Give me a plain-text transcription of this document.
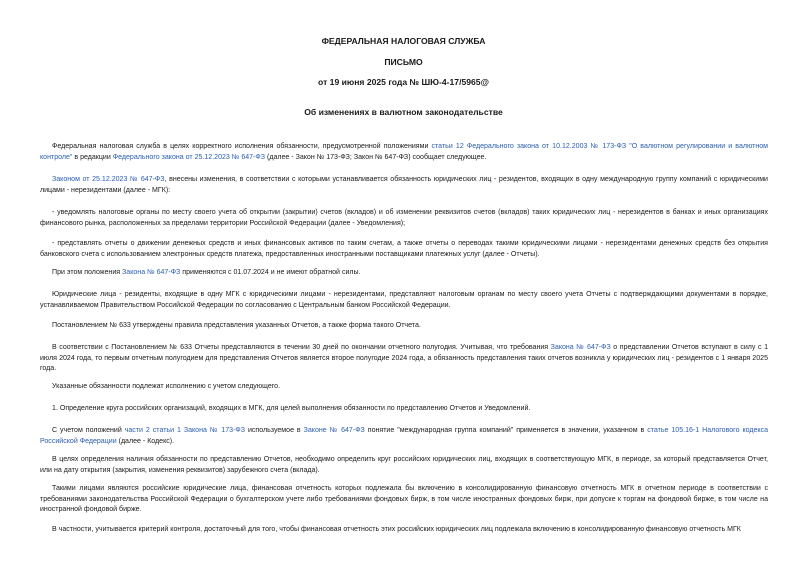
ФЕДЕРАЛЬНАЯ НАЛОГОВАЯ СЛУЖБА
ПИСЬМО
от 19 июня 2025 года № ШЮ-4-17/5965@
Об изменениях в валютном законодательстве

Федеральная налоговая служба в целях корректного исполнения обязанности, предусмотренной положениями статьи 12 Федерального закона от 10.12.2003 № 173-ФЗ "О валютном регулировании и валютном контроле" в редакции Федерального закона от 25.12.2023 № 647-ФЗ (далее - Закон № 173-ФЗ; Закон № 647-ФЗ) сообщает следующее.

Законом от 25.12.2023 № 647-ФЗ, внесены изменения, в соответствии с которыми устанавливается обязанность юридических лиц - резидентов, входящих в одну международную группу компаний с юридическими лицами - нерезидентами (далее - МГК):

- уведомлять налоговые органы по месту своего учета об открытии (закрытии) счетов (вкладов) и об изменении реквизитов счетов (вкладов) таких юридических лиц - нерезидентов в банках и иных организациях финансового рынка, расположенных за пределами территории Российской Федерации (далее - Уведомления);

- представлять отчеты о движении денежных средств и иных финансовых активов по таким счетам, а также отчеты о переводах такими юридическими лицами - нерезидентами денежных средств без открытия банковского счета с использованием электронных средств платежа, предоставленных иностранными поставщиками платежных услуг (далее - Отчеты).

При этом положения Закона № 647-ФЗ применяются с 01.07.2024 и не имеют обратной силы.

Юридические лица - резиденты, входящие в одну МГК с юридическими лицами - нерезидентами, представляют налоговым органам по месту своего учета Отчеты с подтверждающими документами в порядке, устанавливаемом Правительством Российской Федерации по согласованию с Центральным банком Российской Федерации.

Постановлением № 633 утверждены правила представления указанных Отчетов, а также форма такого Отчета.

В соответствии с Постановлением № 633 Отчеты представляются в течении 30 дней по окончании отчетного полугодия. Учитывая, что требования Закона № 647-ФЗ о представлении Отчетов вступают в силу с 1 июля 2024 года, то первым отчетным полугодием для представления Отчетов является второе полугодие 2024 года, а обязанность представления таких отчетов возникла у юридических лиц - резидентов с 1 января 2025 года.

Указанные обязанности подлежат исполнению с учетом следующего.

1. Определение круга российских организаций, входящих в МГК, для целей выполнения обязанности по представлению Отчетов и Уведомлений.

С учетом положений части 2 статьи 1 Закона № 173-ФЗ используемое в Законе № 647-ФЗ понятие "международная группа компаний" применяется в значении, указанном в статье 105.16-1 Налогового кодекса Российской Федерации (далее - Кодекс).

В целях определения наличия обязанности по представлению Отчетов, необходимо определить круг российских юридических лиц, входящих в соответствующую МГК, в периоде, за который представляется Отчет, или на дату открытия (закрытия, изменения реквизитов) зарубежного счета (вклада).

Такими лицами являются российские юридические лица, финансовая отчетность которых подлежала бы включению в консолидированную финансовую отчетность МГК в отчетном периоде в соответствии с требованиями законодательства Российской Федерации о бухгалтерском учете либо требованиями фондовых бирж, в том числе иностранных фондовых бирж, при допуске к торгам на фондовой бирже, в том числе на иностранной фондовой бирже.

В частности, учитывается критерий контроля, достаточный для того, чтобы финансовая отчетность этих российских юридических лиц подлежала включению в консолидированную финансовую отчетность МГК
